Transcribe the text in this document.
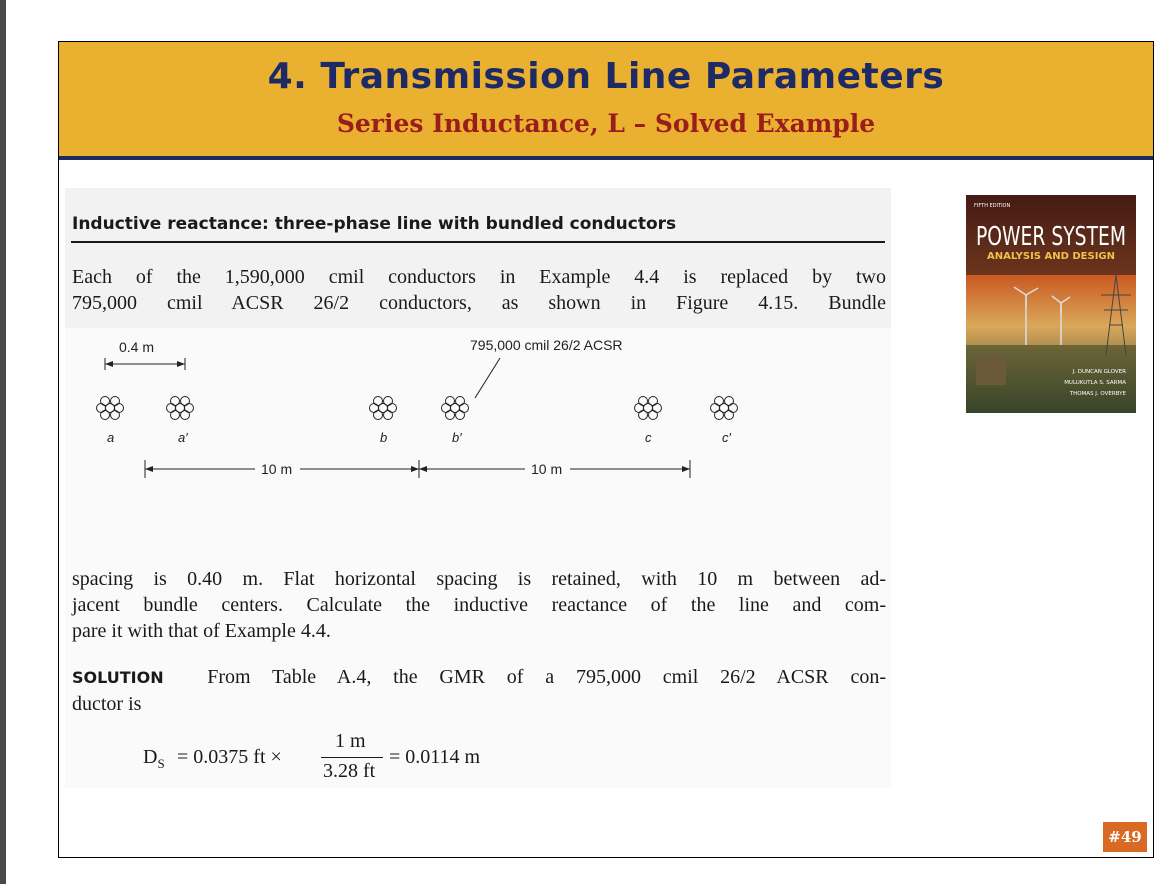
4. Transmission Line Parameters
Series Inductance, L – Solved Example
Inductive reactance: three-phase line with bundled conductors
Each of the 1,590,000 cmil conductors in Example 4.4 is replaced by two
795,000 cmil ACSR 26/2 conductors, as shown in Figure 4.15. Bundle
0.4 m	795,000 cmil 26/2 ACSR
a	a′	b	b′	c	c′
10 m	10 m
spacing is 0.40 m. Flat horizontal spacing is retained, with 10 m between ad-
jacent bundle centers. Calculate the inductive reactance of the line and com-
pare it with that of Example 4.4.
SOLUTION From Table A.4, the GMR of a 795,000 cmil 26/2 ACSR con-
ductor is
$D_S = 0.0375$ ft ×
1 m
3.28 ft
= 0.0114 m
FIFTH EDITION
POWER SYSTEM
ANALYSIS AND DESIGN
J. DUNCAN GLOVER
MULUKUTLA S. SARMA
THOMAS J. OVERBYE
#49
